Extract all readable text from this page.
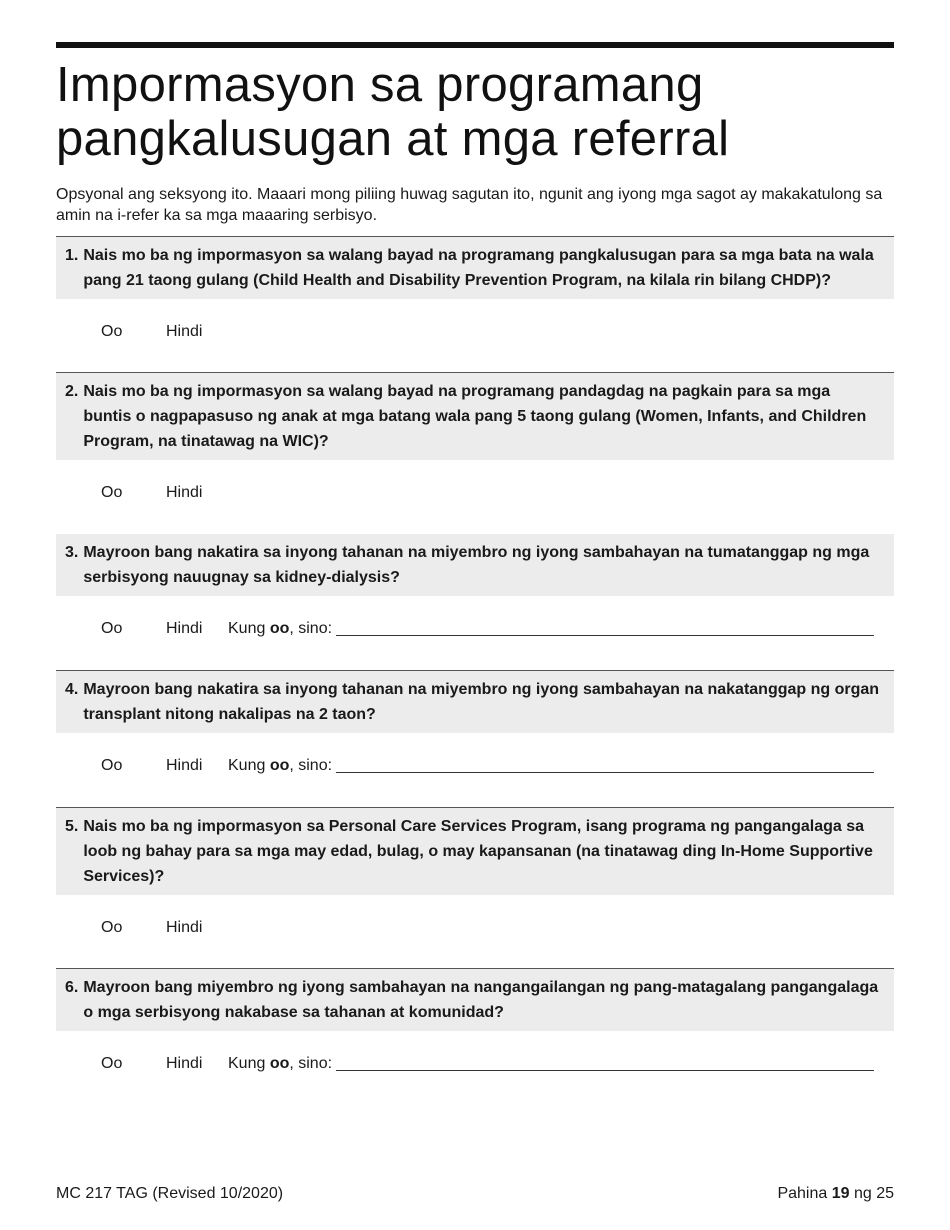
Impormasyon sa programang
pangkalusugan at mga referral
Opsyonal ang seksyong ito. Maaari mong piliing huwag sagutan ito, ngunit ang iyong mga sagot ay makakatulong sa amin na i-refer ka sa mga maaaring serbisyo.
1. Nais mo ba ng impormasyon sa walang bayad na programang pangkalusugan para sa mga bata na wala pang 21 taong gulang (Child Health and Disability Prevention Program, na kilala rin bilang CHDP)?
Oo	Hindi
2. Nais mo ba ng impormasyon sa walang bayad na programang pandagdag na pagkain para sa mga buntis o nagpapasuso ng anak at mga batang wala pang 5 taong gulang (Women, Infants, and Children Program, na tinatawag na WIC)?
Oo	Hindi
3. Mayroon bang nakatira sa inyong tahanan na miyembro ng iyong sambahayan na tumatanggap ng mga serbisyong nauugnay sa kidney-dialysis?
Oo	Hindi	Kung oo, sino:
4. Mayroon bang nakatira sa inyong tahanan na miyembro ng iyong sambahayan na nakatanggap ng organ transplant nitong nakalipas na 2 taon?
Oo	Hindi	Kung oo, sino:
5. Nais mo ba ng impormasyon sa Personal Care Services Program, isang programa ng pangangalaga sa loob ng bahay para sa mga may edad, bulag, o may kapansanan (na tinatawag ding In-Home Supportive Services)?
Oo	Hindi
6. Mayroon bang miyembro ng iyong sambahayan na nangangailangan ng pang-matagalang pangangalaga o mga serbisyong nakabase sa tahanan at komunidad?
Oo	Hindi	Kung oo, sino:
MC 217 TAG (Revised 10/2020)	Pahina 19 ng 25
